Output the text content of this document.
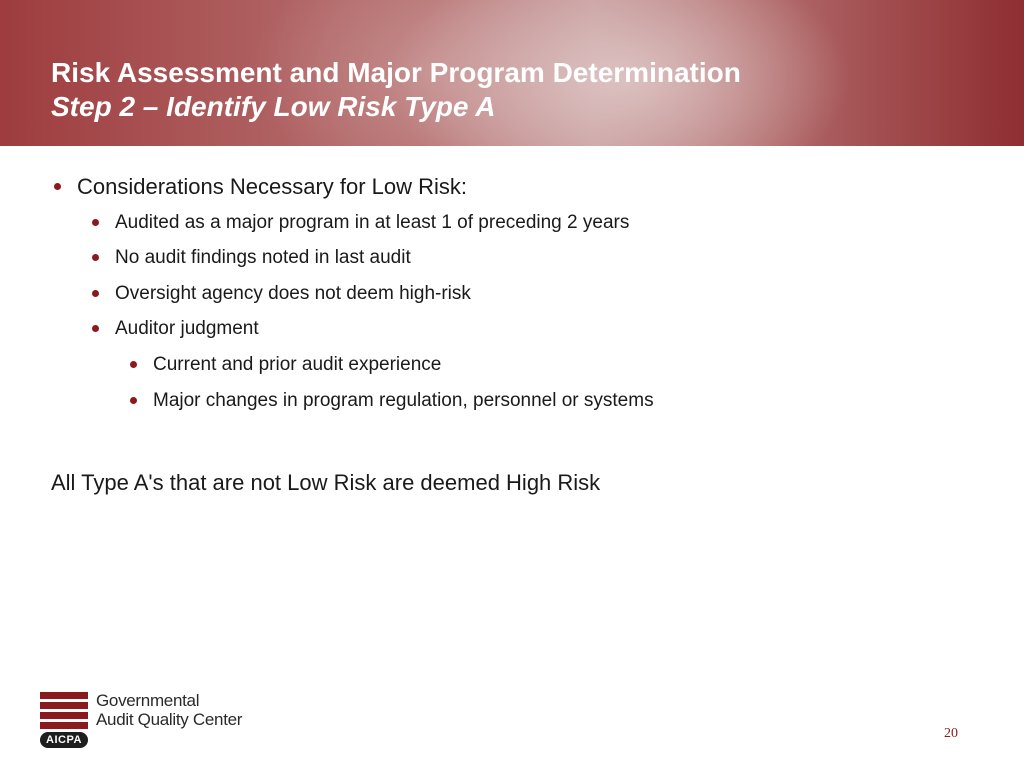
Risk Assessment and Major Program Determination
Step 2 – Identify Low Risk Type A
Considerations Necessary for Low Risk:
Audited as a major program in at least 1 of preceding 2 years
No audit findings noted in last audit
Oversight agency does not deem high-risk
Auditor judgment
Current and prior audit experience
Major changes in program regulation, personnel or systems
All Type A's that are not Low Risk are deemed High Risk
Governmental
Audit Quality Center
AICPA	20
